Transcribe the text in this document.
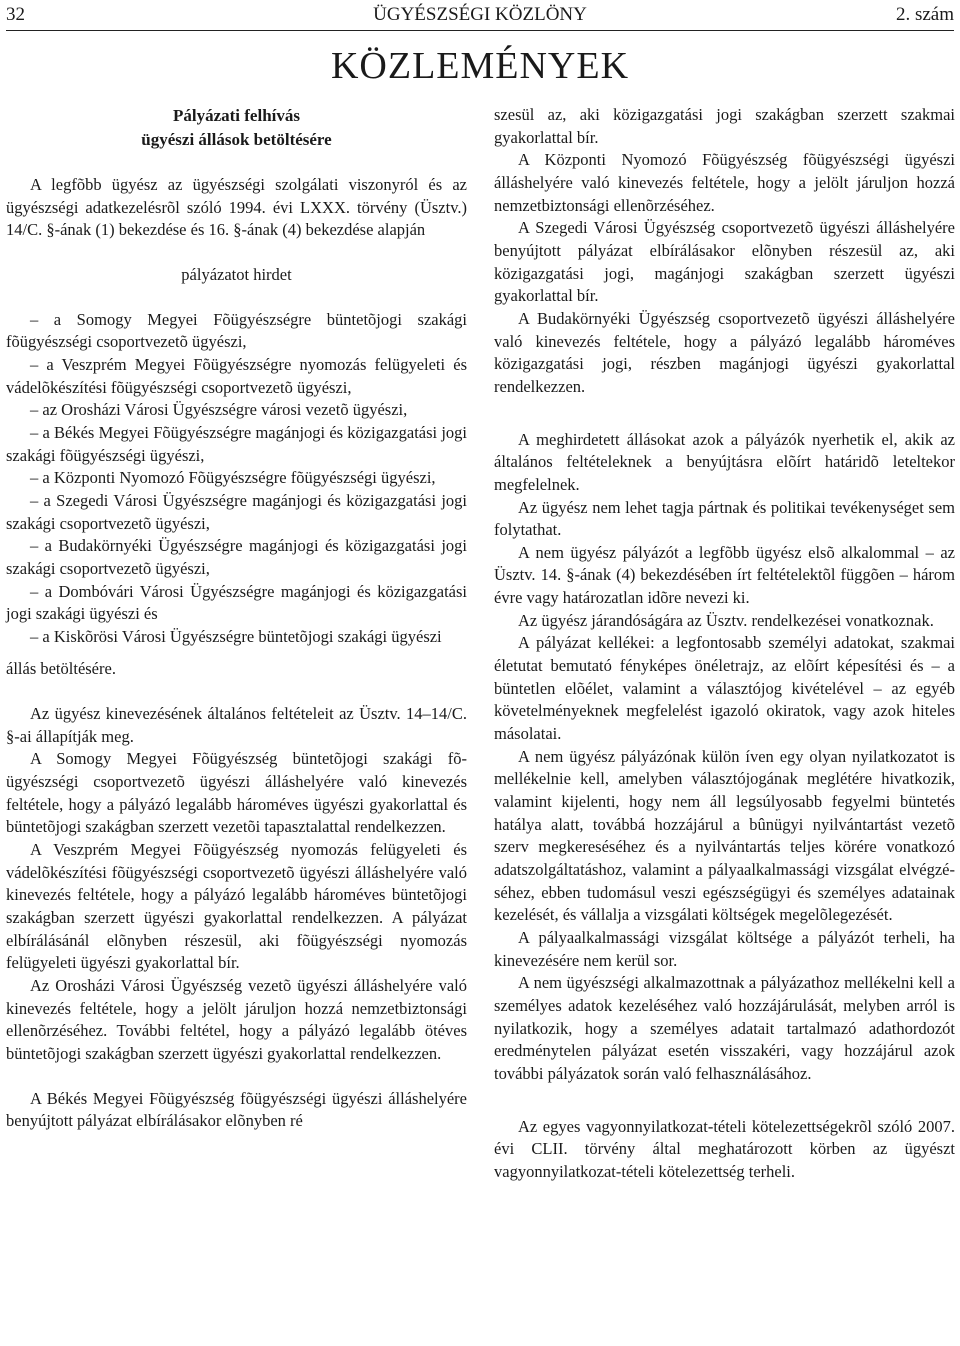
32	ÜGYÉSZSÉGI KÖZLÖNY	2. szám
KÖZLEMÉNYEK

Pályázati felhívás

ügyészi állások betöltésére

A legfõbb ügyész az ügyészségi szolgálati viszonyról és az ügyészségi adatkezelésrõl szóló 1994. évi LXXX. törvény (Üsztv.) 14/C. §-ának (1) bekezdése és 16. §-ának (4) bekezdése alapján

pályázatot hirdet

– a Somogy Megyei Fõügyészségre büntetõjogi szakági fõügyészségi csoportvezetõ ügyészi,

– a Veszprém Megyei Fõügyészségre nyomozás felügyeleti és vádelõkészítési fõügyészségi csoportvezetõ ügyészi,

– az Orosházi Városi Ügyészségre városi vezetõ ügyészi,

– a Békés Megyei Fõügyészségre magánjogi és közigazgatási jogi szakági fõügyészségi ügyészi,

– a Központi Nyomozó Fõügyészségre fõügyészségi ügyészi,

– a Szegedi Városi Ügyészségre magánjogi és közigazgatási jogi szakági csoportvezetõ ügyészi,

– a Budakörnyéki Ügyészségre magánjogi és közigazgatási jogi szakági csoportvezetõ ügyészi,

– a Dombóvári Városi Ügyészségre magánjogi és közigazgatási jogi szakági ügyészi és

– a Kiskõrösi Városi Ügyészségre büntetõjogi szakági ügyészi

állás betöltésére.

Az ügyész kinevezésének általános feltételeit az Üsztv. 14–14/C. §-ai állapítják meg.

A Somogy Megyei Fõügyészség büntetõjogi szakági fõügyészségi csoportvezetõ ügyészi álláshelyére való kinevezés feltétele, hogy a pályázó legalább hároméves ügyészi gyakorlattal és büntetõjogi szakágban szerzett vezetõi tapasztalattal rendelkezzen.

A Veszprém Megyei Fõügyészség nyomozás felügyeleti és vádelõkészítési fõügyészségi csoportvezetõ ügyészi álláshelyére való kinevezés feltétele, hogy a pályázó legalább hároméves büntetõjogi szakágban szerzett ügyészi gyakorlattal rendelkezzen. A pályázat elbírálásánál elõnyben részesül, aki fõügyészségi nyomozás felügyeleti ügyészi gyakorlattal bír.

Az Orosházi Városi Ügyészség vezetõ ügyészi álláshelyére való kinevezés feltétele, hogy a jelölt járuljon hozzá nemzetbiztonsági ellenõrzéséhez. További feltétel, hogy a pályázó legalább ötéves büntetõjogi szakágban szerzett ügyészi gyakorlattal rendelkezzen.

A Békés Megyei Fõügyészség fõügyészségi ügyészi álláshelyére benyújtott pályázat elbírálásakor elõnyben ré

szesül az, aki közigazgatási jogi szakágban szerzett szakmai gyakorlattal bír.

A Központi Nyomozó Fõügyészség fõügyészségi ügyészi álláshelyére való kinevezés feltétele, hogy a jelölt járuljon hozzá nemzetbiztonsági ellenõrzéséhez.

A Szegedi Városi Ügyészség csoportvezetõ ügyészi álláshelyére benyújtott pályázat elbírálásakor elõnyben részesül az, aki közigazgatási jogi, magánjogi szakágban szerzett ügyészi gyakorlattal bír.

A Budakörnyéki Ügyészség csoportvezetõ ügyészi álláshelyére való kinevezés feltétele, hogy a pályázó legalább hároméves közigazgatási jogi, részben magánjogi ügyészi gyakorlattal rendelkezzen.

A meghirdetett állásokat azok a pályázók nyerhetik el, akik az általános feltételeknek a benyújtásra elõírt határidõ leteltekor megfelelnek.

Az ügyész nem lehet tagja pártnak és politikai tevékenységet sem folytathat.

A nem ügyész pályázót a legfõbb ügyész elsõ alkalommal – az Üsztv. 14. §-ának (4) bekezdésében írt feltételektõl függõen – három évre vagy határozatlan idõre nevezi ki.

Az ügyész járandóságára az Üsztv. rendelkezései vonatkoznak.

A pályázat kellékei: a legfontosabb személyi adatokat, szakmai életutat bemutató fényképes önéletrajz, az elõírt képesítési és – a büntetlen elõélet, valamint a választójog kivételével – az egyéb követelményeknek megfelelést igazoló okiratok, vagy azok hiteles másolatai.

A nem ügyész pályázónak külön íven egy olyan nyilatkozatot is mellékelnie kell, amelyben választójogának meglétére hivatkozik, valamint kijelenti, hogy nem áll legsúlyosabb fegyelmi büntetés hatálya alatt, továbbá hozzájárul a bûnügyi nyilvántartást vezetõ szerv megkereséséhez és a nyilvántartás teljes körére vonatkozó adatszolgáltatáshoz, valamint a pályaalkalmassági vizsgálat elvégzéséhez, ebben tudomásul veszi egészségügyi és személyes adatainak kezelését, és vállalja a vizsgálati költségek megelõlegezését.

A pályaalkalmassági vizsgálat költsége a pályázót terheli, ha kinevezésére nem kerül sor.

A nem ügyészségi alkalmazottnak a pályázathoz mellékelni kell a személyes adatok kezeléséhez való hozzájárulását, melyben arról is nyilatkozik, hogy a személyes adatait tartalmazó adathordozót eredménytelen pályázat esetén visszakéri, vagy hozzájárul azok további pályázatok során való felhasználásához.

Az egyes vagyonnyilatkozat-tételi kötelezettségekrõl szóló 2007. évi CLII. törvény által meghatározott körben az ügyészt vagyonnyilatkozat-tételi kötelezettség terheli.
